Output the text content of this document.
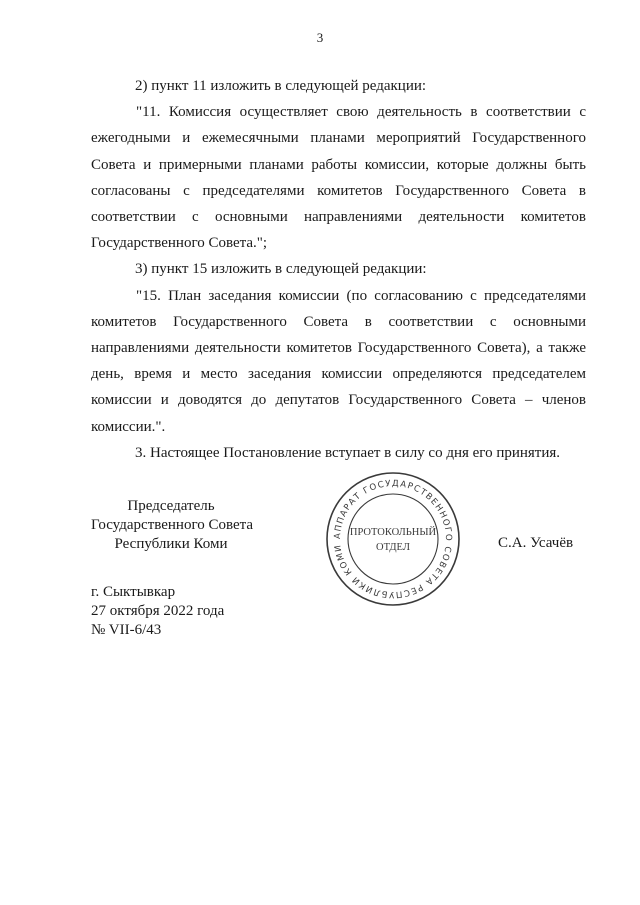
3

2) пункт 11 изложить в следующей редакции:

"11. Комиссия осуществляет свою деятельность в соответствии с ежегодными и ежемесячными планами мероприятий Государственного Совета и примерными планами работы комиссии, которые должны быть согласованы с председателями комитетов Государственного Совета в соответствии с основными направлениями деятельности комитетов Государственного Совета.";

3) пункт 15 изложить в следующей редакции:

"15. План заседания комиссии (по согласованию с председателями комитетов Государственного Совета в соответствии с основными направлениями деятельности комитетов Государственного Совета), а также день, время и место заседания комиссии определяются председателем комиссии и доводятся до депутатов Государственного Совета – членов комиссии.".

3. Настоящее Постановление вступает в силу со дня его принятия.

Председатель
Государственного Совета
Республики Коми
АППАРАТ ГОСУДАРСТВЕННОГО СОВЕТА РЕСПУБЛИКИ КОМИ
ПРОТОКОЛЬНЫЙ
ОТДЕЛ	С.А. Усачёв
г. Сыктывкар
27 октября 2022 года
№ VII-6/43
